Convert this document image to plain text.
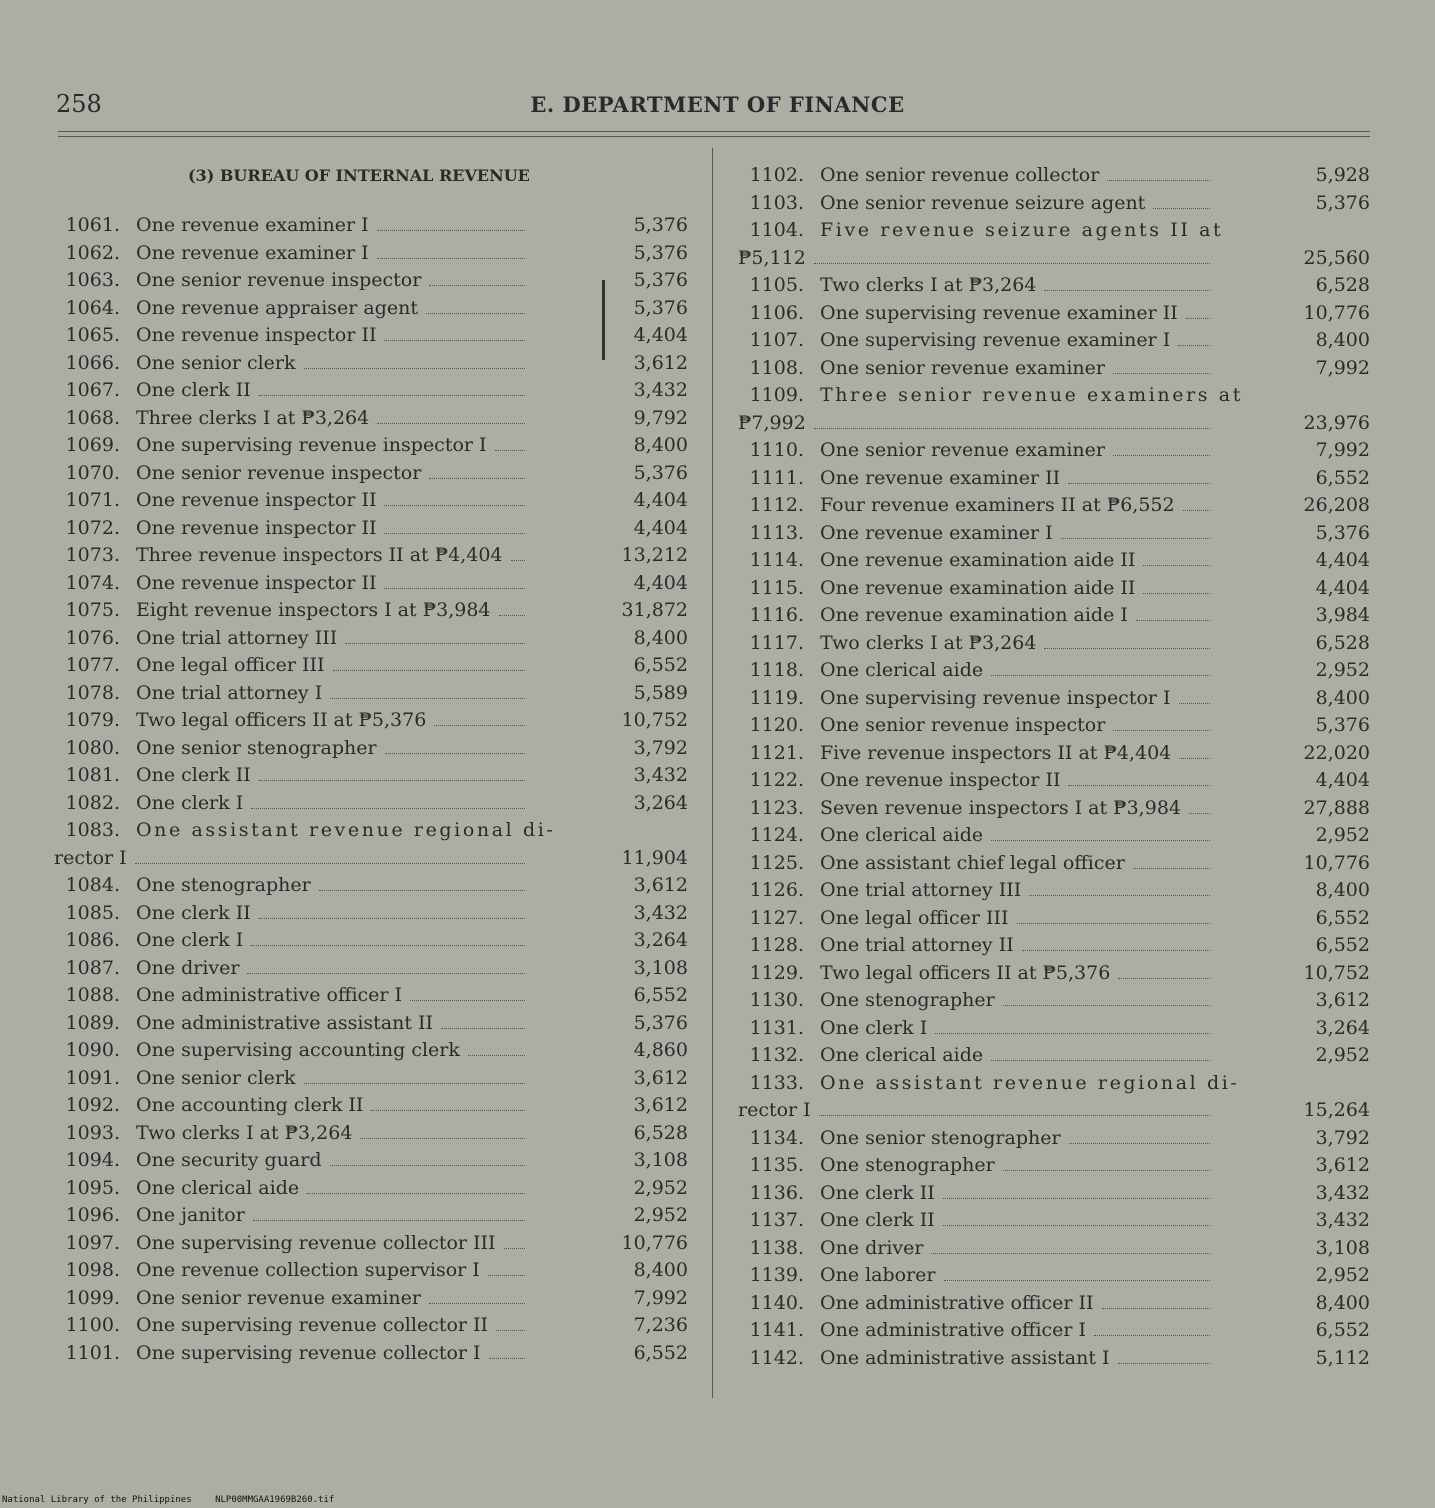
258	E. DEPARTMENT OF FINANCE
(3) BUREAU OF INTERNAL REVENUE
1061. One revenue examiner I	5,376
1062. One revenue examiner I	5,376
1063. One senior revenue inspector	5,376
1064. One revenue appraiser agent	5,376
1065. One revenue inspector II	4,404
1066. One senior clerk	3,612
1067. One clerk II	3,432
1068. Three clerks I at ₱3,264	9,792
1069. One supervising revenue inspector I	8,400
1070. One senior revenue inspector	5,376
1071. One revenue inspector II	4,404
1072. One revenue inspector II	4,404
1073. Three revenue inspectors II at ₱4,404	13,212
1074. One revenue inspector II	4,404
1075. Eight revenue inspectors I at ₱3,984	31,872
1076. One trial attorney III	8,400
1077. One legal officer III	6,552
1078. One trial attorney I	5,589
1079. Two legal officers II at ₱5,376	10,752
1080. One senior stenographer	3,792
1081. One clerk II	3,432
1082. One clerk I	3,264
1083. One assistant revenue regional di-
rector I	11,904
1084. One stenographer	3,612
1085. One clerk II	3,432
1086. One clerk I	3,264
1087. One driver	3,108
1088. One administrative officer I	6,552
1089. One administrative assistant II	5,376
1090. One supervising accounting clerk	4,860
1091. One senior clerk	3,612
1092. One accounting clerk II	3,612
1093. Two clerks I at ₱3,264	6,528
1094. One security guard	3,108
1095. One clerical aide	2,952
1096. One janitor	2,952
1097. One supervising revenue collector III	10,776
1098. One revenue collection supervisor I	8,400
1099. One senior revenue examiner	7,992
1100. One supervising revenue collector II	7,236
1101. One supervising revenue collector I	6,552
1102. One senior revenue collector	5,928
1103. One senior revenue seizure agent	5,376
1104. Five revenue seizure agents II at
₱5,112	25,560
1105. Two clerks I at ₱3,264	6,528
1106. One supervising revenue examiner II	10,776
1107. One supervising revenue examiner I	8,400
1108. One senior revenue examiner	7,992
1109. Three senior revenue examiners at
₱7,992	23,976
1110. One senior revenue examiner	7,992
1111. One revenue examiner II	6,552
1112. Four revenue examiners II at ₱6,552	26,208
1113. One revenue examiner I	5,376
1114. One revenue examination aide II	4,404
1115. One revenue examination aide II	4,404
1116. One revenue examination aide I	3,984
1117. Two clerks I at ₱3,264	6,528
1118. One clerical aide	2,952
1119. One supervising revenue inspector I	8,400
1120. One senior revenue inspector	5,376
1121. Five revenue inspectors II at ₱4,404	22,020
1122. One revenue inspector II	4,404
1123. Seven revenue inspectors I at ₱3,984	27,888
1124. One clerical aide	2,952
1125. One assistant chief legal officer	10,776
1126. One trial attorney III	8,400
1127. One legal officer III	6,552
1128. One trial attorney II	6,552
1129. Two legal officers II at ₱5,376	10,752
1130. One stenographer	3,612
1131. One clerk I	3,264
1132. One clerical aide	2,952
1133. One assistant revenue regional di-
rector I	15,264
1134. One senior stenographer	3,792
1135. One stenographer	3,612
1136. One clerk II	3,432
1137. One clerk II	3,432
1138. One driver	3,108
1139. One laborer	2,952
1140. One administrative officer II	8,400
1141. One administrative officer I	6,552
1142. One administrative assistant I	5,112
National Library of the Philippines	NLP00MMGAA1969B260.tif
